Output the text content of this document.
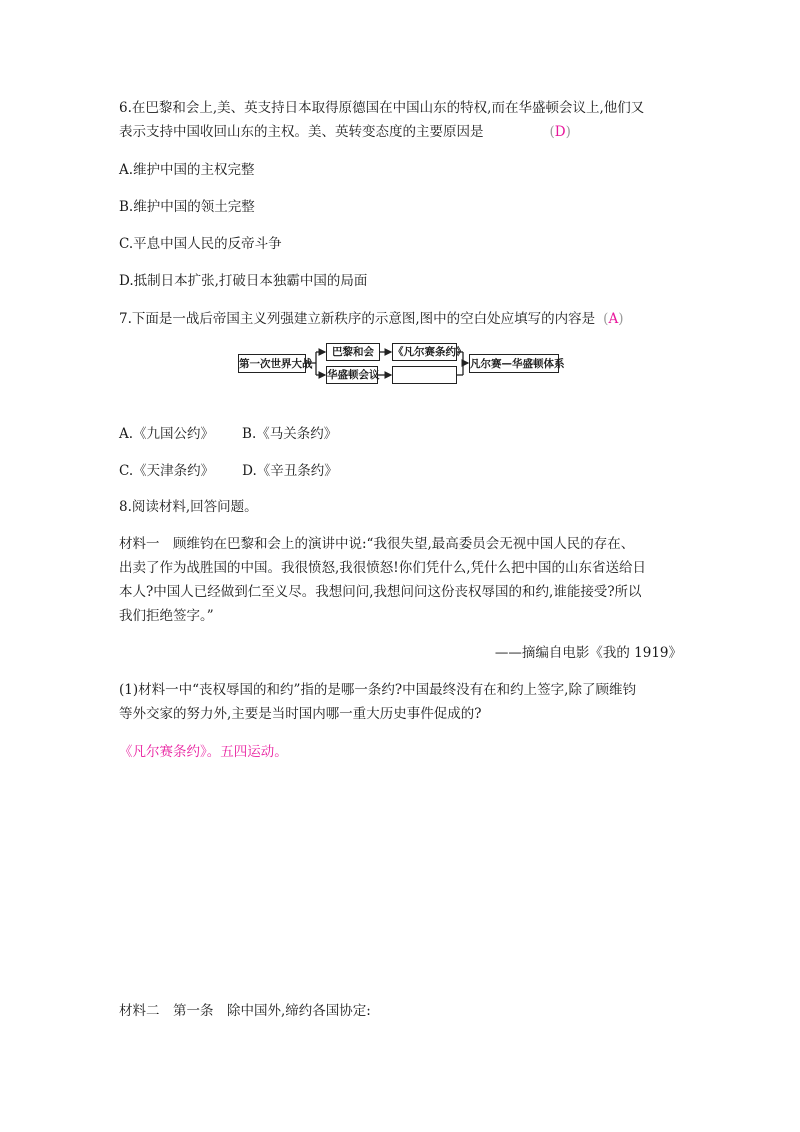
6.在巴黎和会上,美、英支持日本取得原德国在中国山东的特权,而在华盛顿会议上,他们又
表示支持中国收回山东的主权。美、英转变态度的主要原因是	(D)
A.维护中国的主权完整
B.维护中国的领土完整
C.平息中国人民的反帝斗争
D.抵制日本扩张,打破日本独霸中国的局面
7.下面是一战后帝国主义列强建立新秩序的示意图,图中的空白处应填写的内容是 (A)
第一次世界大战
巴黎和会
华盛顿会议
《凡尔赛条约》
凡尔赛—华盛顿体系
A.《九国公约》 B.《马关条约》
C.《天津条约》 D.《辛丑条约》
8.阅读材料,回答问题。
材料一　顾维钧在巴黎和会上的演讲中说:“我很失望,最高委员会无视中国人民的存在、
出卖了作为战胜国的中国。我很愤怒,我很愤怒!你们凭什么,凭什么把中国的山东省送给日
本人?中国人已经做到仁至义尽。我想问问,我想问问这份丧权辱国的和约,谁能接受?所以
我们拒绝签字。”
——摘编自电影《我的 1919》
(1)材料一中“丧权辱国的和约”指的是哪一条约?中国最终没有在和约上签字,除了顾维钧
等外交家的努力外,主要是当时国内哪一重大历史事件促成的?
《凡尔赛条约》。五四运动。
材料二　第一条　除中国外,缔约各国协定:
